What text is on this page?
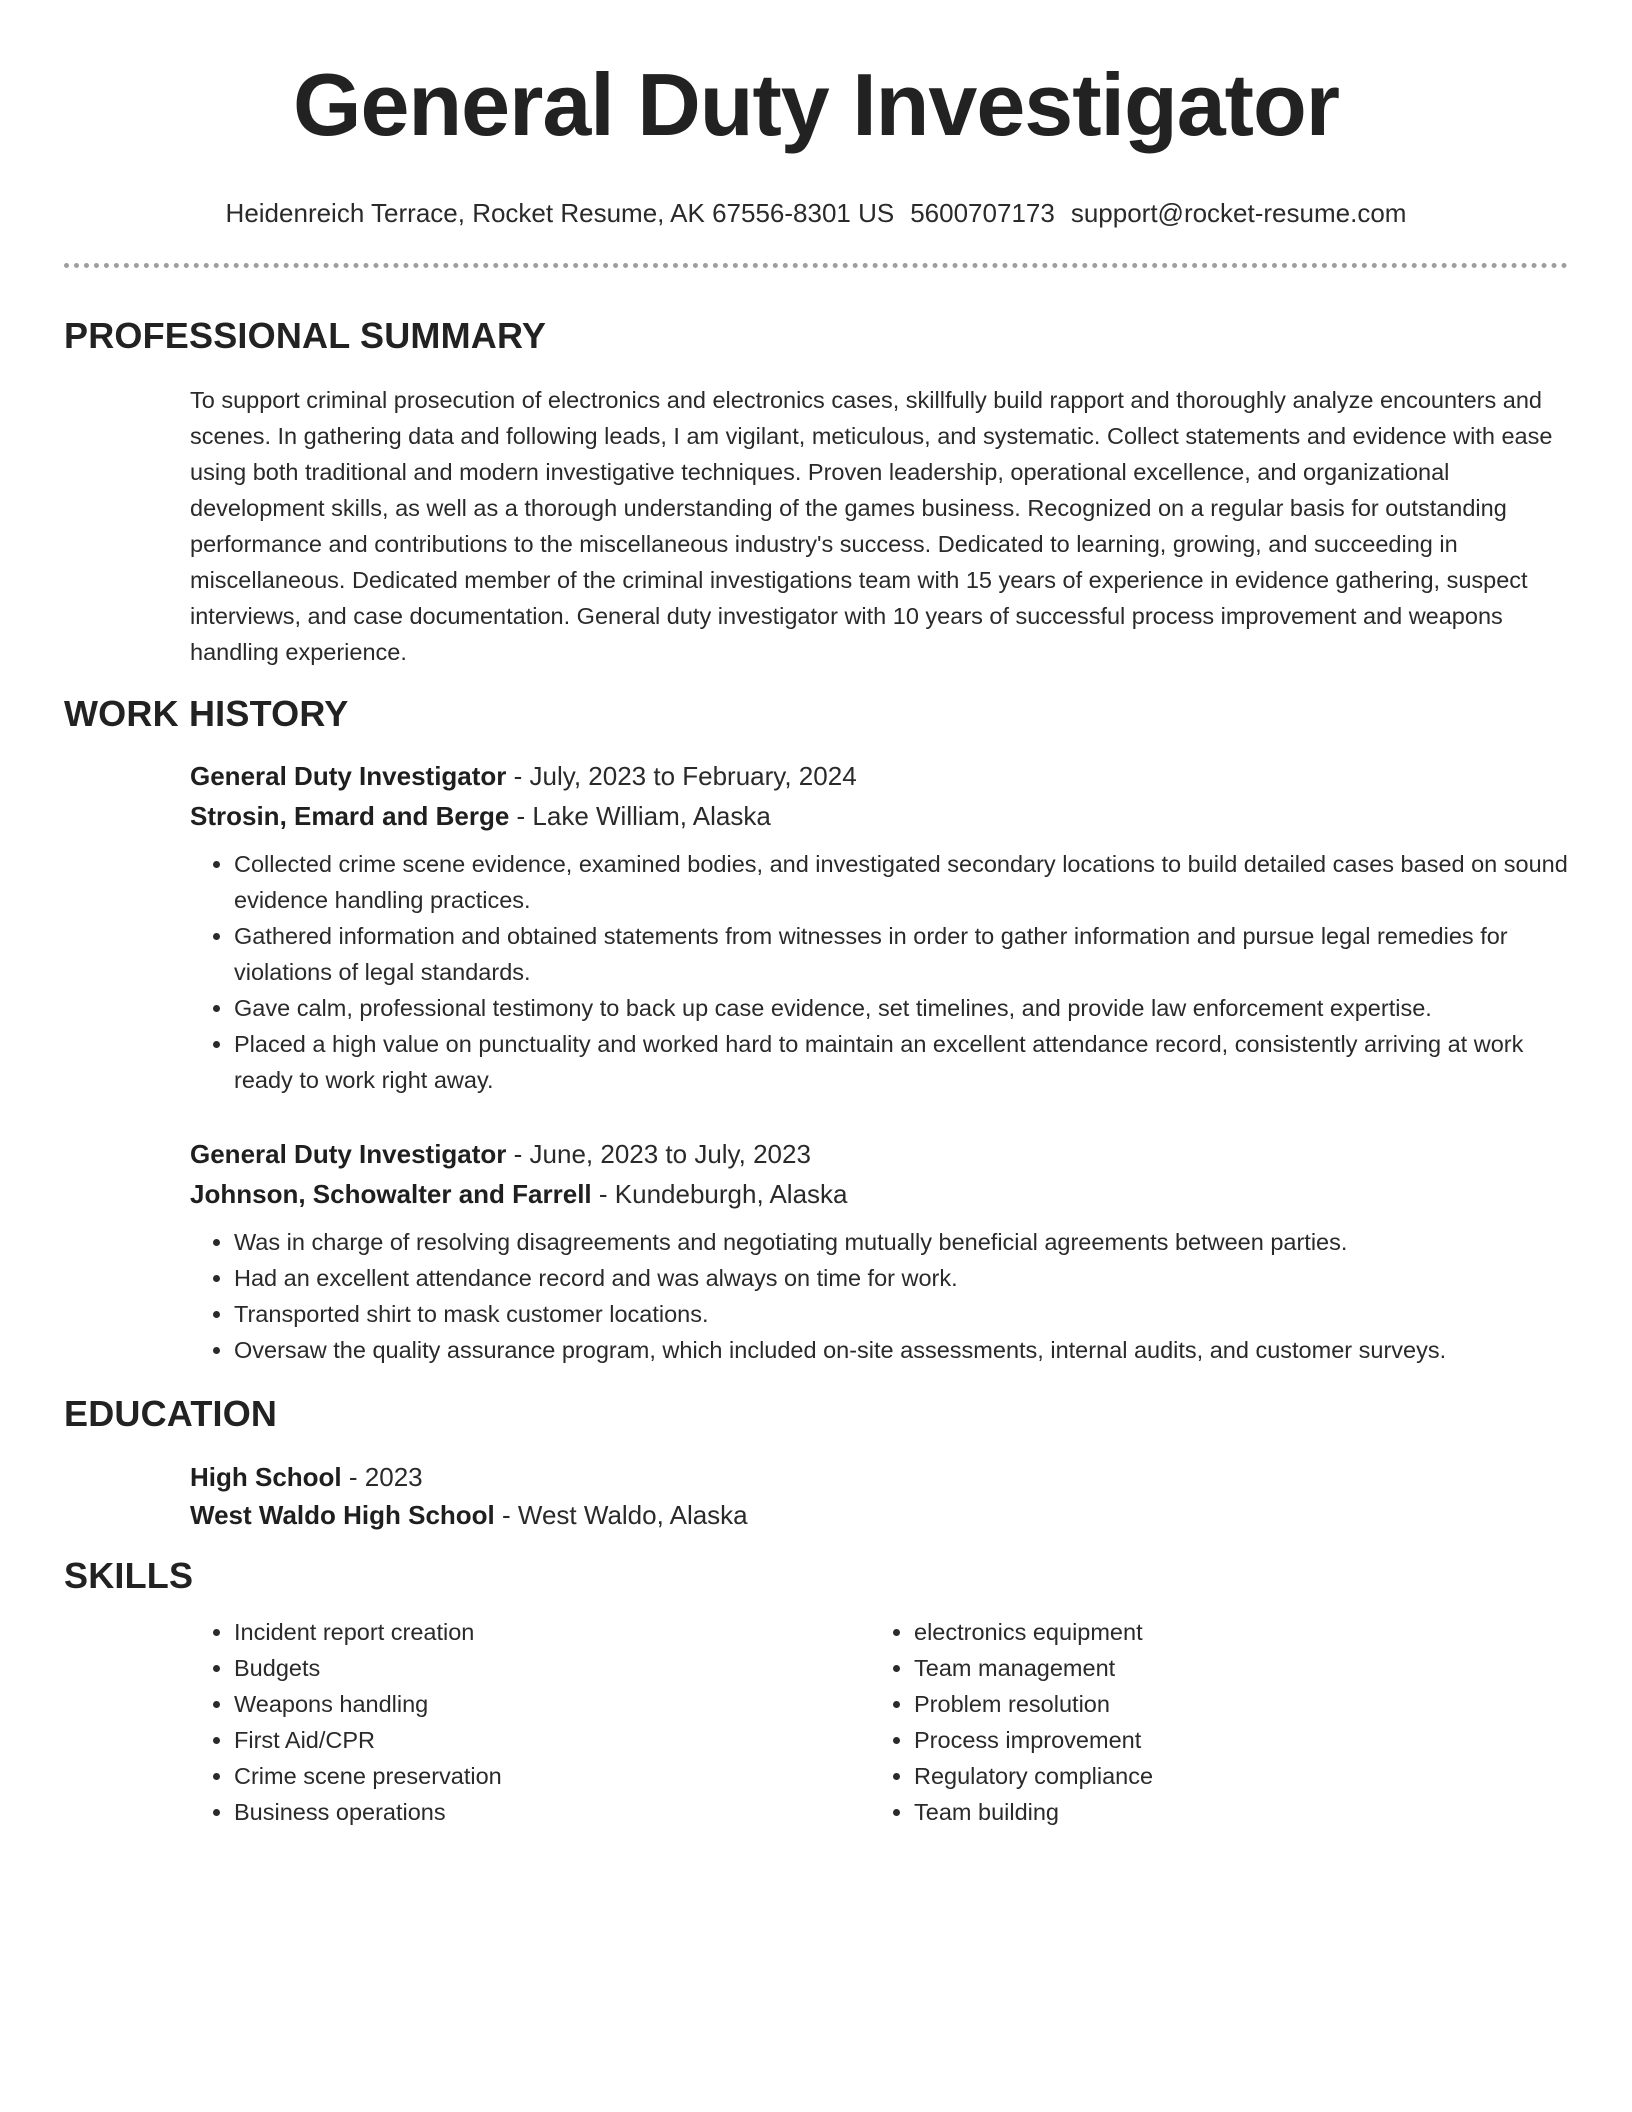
General Duty Investigator
Heidenreich Terrace, Rocket Resume, AK 67556-8301 US 5600707173 support@rocket-resume.com
PROFESSIONAL SUMMARY
To support criminal prosecution of electronics and electronics cases, skillfully build rapport and thoroughly analyze encounters and scenes. In gathering data and following leads, I am vigilant, meticulous, and systematic. Collect statements and evidence with ease using both traditional and modern investigative techniques. Proven leadership, operational excellence, and organizational development skills, as well as a thorough understanding of the games business. Recognized on a regular basis for outstanding performance and contributions to the miscellaneous industry's success. Dedicated to learning, growing, and succeeding in miscellaneous. Dedicated member of the criminal investigations team with 15 years of experience in evidence gathering, suspect interviews, and case documentation. General duty investigator with 10 years of successful process improvement and weapons handling experience.
WORK HISTORY
General Duty Investigator - July, 2023 to February, 2024
Strosin, Emard and Berge - Lake William, Alaska
• Collected crime scene evidence, examined bodies, and investigated secondary locations to build detailed cases based on sound evidence handling practices.
• Gathered information and obtained statements from witnesses in order to gather information and pursue legal remedies for violations of legal standards.
• Gave calm, professional testimony to back up case evidence, set timelines, and provide law enforcement expertise.
• Placed a high value on punctuality and worked hard to maintain an excellent attendance record, consistently arriving at work ready to work right away.
General Duty Investigator - June, 2023 to July, 2023
Johnson, Schowalter and Farrell - Kundeburgh, Alaska
• Was in charge of resolving disagreements and negotiating mutually beneficial agreements between parties.
• Had an excellent attendance record and was always on time for work.
• Transported shirt to mask customer locations.
• Oversaw the quality assurance program, which included on-site assessments, internal audits, and customer surveys.
EDUCATION
High School - 2023
West Waldo High School - West Waldo, Alaska
SKILLS
• Incident report creation
• Budgets
• Weapons handling
• First Aid/CPR
• Crime scene preservation
• Business operations
• electronics equipment
• Team management
• Problem resolution
• Process improvement
• Regulatory compliance
• Team building
